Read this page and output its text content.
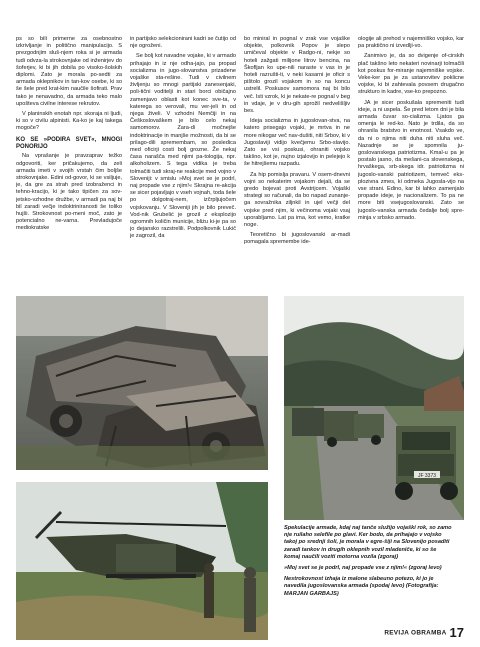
ps so bili primerne za osebnostno izkrivljanje in politično manipulacijo. S prezgodnjim sluš-njem roka si je armada tudi odvza-la strokovnjake od inženirjev do šoferjev, ki bi jih dobila po visoko-šolskih diplomi. Zato je morala po-sedti za armada oklepnikov in tan-kov osebe, ki so še šele pred krat-kim naučile šofirati. Prav tako je nenavadno, da armada teko malo upošteva civilne interese rekrutov.

V planinskih enotah npr. skoraja ni ljudi, ki so v civilu alpinisti. Ka-ko je kaj takega mogoče?

KO SE »PODIRA SVET«, MNOGI PONORIJO

Na vprašanje je pravzaprav težko odgovoriti, ker pričakujemo, da zeli armada imeti v svojih vrstah čim boljše strokovnjake. Edini od-govor, ki se vsiljuje, je, da gre za strah pred izobraženci in tehno-kracijo, ki je tako tipičen za sov-jetsko-vzhodne družbe, v armadi pa naj bi bil zaradi večje indoktriniranosti še toliko hujši. Strokovnost po-meni moč, zato je potencialno ne-varna. Prevladujoče mediokratske

in partijsko selekcionirani kadri se čutijo od nje ogroženi.

Se bolj kot navadne vojake, ki v armado prihajajo in iz nje odha-jajo, pa propad socializma in jugo-slovanstva prizadene vojaške sta-rešine. Tudi v civilnem življenju so mnogi partijski zanesenjaki, poli-tični voditelji in stari borci običajno zamenjavo oblasti kot konec sve-ta, v katerega so verovali, mu ver-jeli in od njega živeli. V vzhodni Nemčiji in na Češkoslovaškem je bilo celo nekaj samomorov. Zara-di močnejše indoktrinacije in manjše možnosti, da bi se prilago-dili spremembam, so posledica med oficirji costi bolj grozne. Že nekaj časa narašča med njimi pa-tologija, npr. alkoholizem. S tega vidika je treba tolmačiti tudi skraj-ne reakcije med vojno v Sloveniji: v smislu »Moj svet se je podrl, naj propade vse z njim!« Skrajna re-akcija se sicer pojavljajo v vseh vojnah, toda šele po dolgotraj-nem, izčrpljujočem vojskovanju. V Sloveniji jih je bilo preveč. Vod-nik Grubelić je grozil z eksplozijo ogromnih količin municije, bliżu ki-je pa so jo dejansko razstrelili. Podpolkovnik Lukič je zagrozil, da

bo miniral in pognal v zrak vse vojaške objekte, polkovnik Popov je slepo umičeval objekte v Radgo-ni, nekje so hoteli zažgati milijone litrov bencina, na Škofljan ko upe-nili naraste v vas in je hoteli razrušti-ti, v neki kasarni je oficir s pištolo grozil vojakom in so na koncu ustrelil. Poskusov samomora naj bi bilo več. Isti vzrok, ki je nekate-re pognal v beg in vdaje, je v dru-gih sprožil nedvelišljiv bes.

Ideja socializma in jugoslovan-stva, na katero prisegajo vojaki, je mrtva in ne more nikogar več nav-dušiti, niti Srbov, ki v Jugoslaviji vidijo kvečjemu Srbo-slavijo. Zato se vsi poskusi, ohraniti vojsko takšno, kot je, nujno izjalovijo in pelejejo k še hitrejšemu razpadu.

Za hip pomislja pravaru. V osem-dnevni vojni so nekaterim vojakom dejali, da se gredo bojevat proti Avstrijcem. Vojaški strategi so računali, da bo napad zunanje-ga sovražnika ziljnkil in ujel večji del vojske pred njim, ki večinoma vojaki vsaj uporabljamo. Lat pa ima, kot vemo, kratke noge.

Teoretično bi jugoslovanski ar-madi pomagala spremembe ide-

ologije ali prehod v najemniško vojsko, kar pa praktično ni izvedlji-vo.

Zanimivo je, da so dvigenje of-cirskih plač takšno leto nekateri novinarji tolmačili kot poskus for-miranje najemniške vojske. Veke-ker pa je za ustanovitev poklicne vojske, ki bi zahtevala povsem drugačno strukturo in kadre, vse-ko prepozno.

JA je sicer poskušala spremeniti tudi ideje, a ni uspela. Še pred letom dni je bila armada čuvar so-cializma. Ljatos ga omenja le red-ko. Nato je trdila, da so ohranila bratstvo in enotnost. Vsakdo ve, da ni o njima niti duha niti sluha več. Nazadnje se je spomnila ju-goslovanskega patriotizma. Kmal-u pa je postalo jasno, da mešani-ca slovenskega, hrvaškega, srb-skega idr. patriotizma ni jugoslo-vanski patriotizem, temveč eks-plozivna zmes, ki odmeka Jugosla-vijo na vse strani. Edino, kar bi lahko zamenjalo propade ideje, je nacionalizem. To pa ne more biti vsejugoslovanski. Zato se jugoslo-vanska armada čedalje bolj spre-minja v srbsko armado.

JF 3373

Spekulacije armade, kdaj naj tanče služijo vojaški rok, so zamo nje ruilaho selefile po glavi. Ker bodo, da prihajajo v vojsko takoj po srednji šoli, je morala v egre-šiji na Slovenijo posaditi zaradi tankov in drugih oklepnih vozil mladeniče, ki so še komaj naučili voziti motorna vozila (zgoraj)

»Moj svet se je podrl, naj propade vse z njim!« (zgoraj levo)

Nestrokovnost izhaja iz malone slabeuno potezo, ki jo je navedila jugoslovanska armada (spodaj levo) (Fotografija: MARJAN GARBAJS)

REVIJA OBRAMBA 17
